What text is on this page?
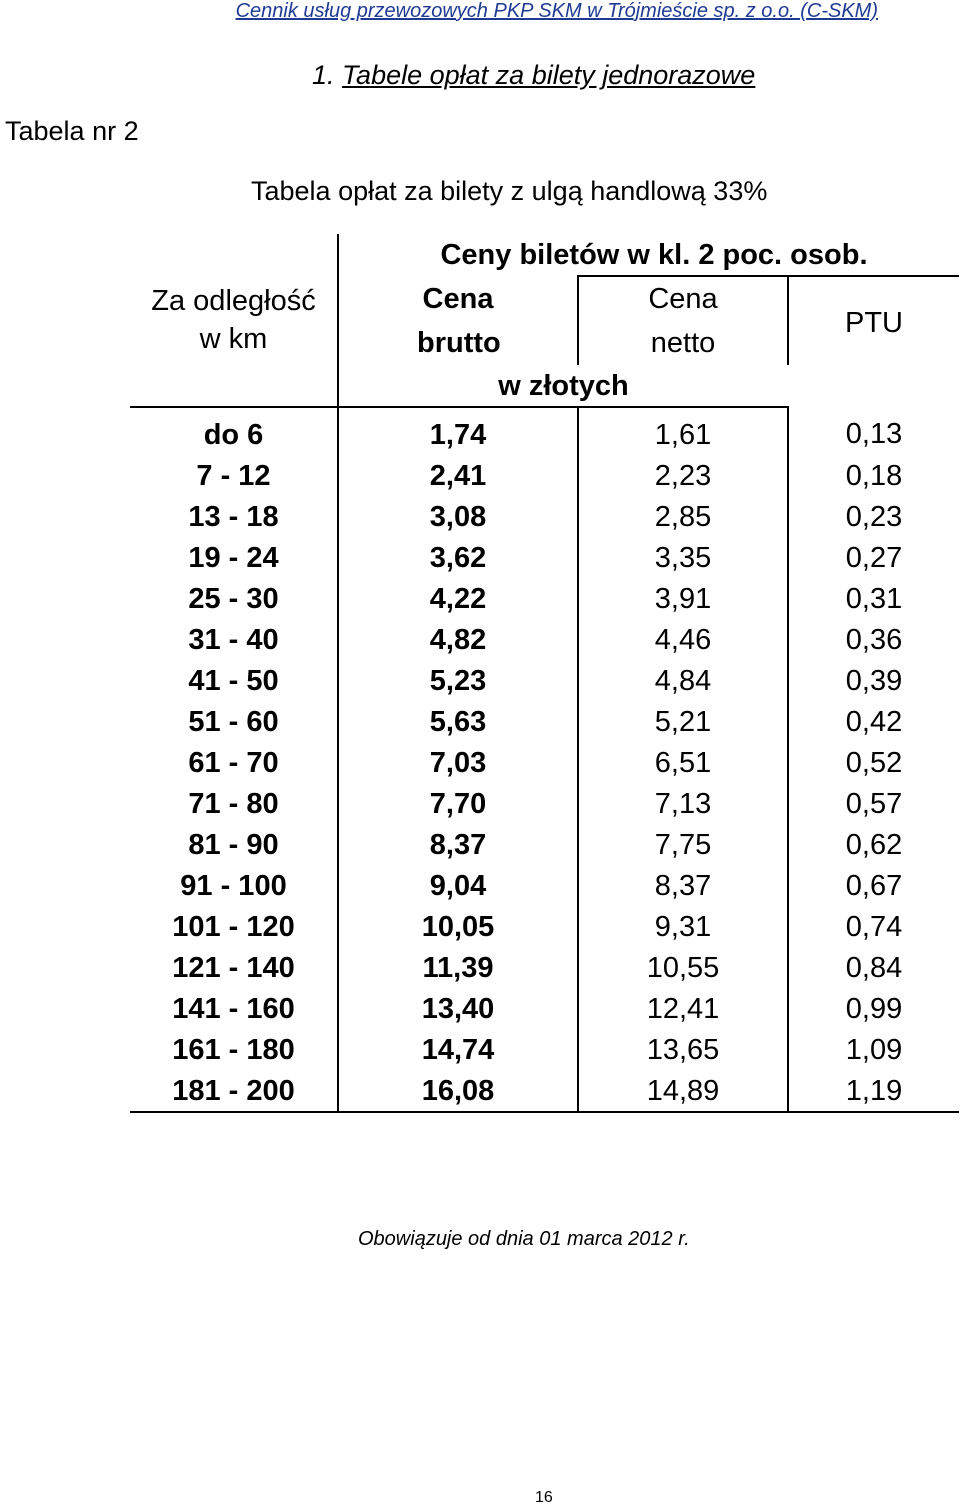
Cennik usług przewozowych PKP SKM w Trójmieście sp. z o.o. (C-SKM)
1. Tabele opłat za bilety jednorazowe
Tabela nr 2
Tabela opłat za bilety z ulgą handlową 33%
Za odległość w km	Ceny biletów w kl. 2 poc. osob.		
	Cena brutto	Cena netto	PTU
	w złotych		
do 6	1,74	1,61	0,13
7 - 12	2,41	2,23	0,18
13 - 18	3,08	2,85	0,23
19 - 24	3,62	3,35	0,27
25 - 30	4,22	3,91	0,31
31 - 40	4,82	4,46	0,36
41 - 50	5,23	4,84	0,39
51 - 60	5,63	5,21	0,42
61 - 70	7,03	6,51	0,52
71 - 80	7,70	7,13	0,57
81 - 90	8,37	7,75	0,62
91 - 100	9,04	8,37	0,67
101 - 120	10,05	9,31	0,74
121 - 140	11,39	10,55	0,84
141 - 160	13,40	12,41	0,99
161 - 180	14,74	13,65	1,09
181 - 200	16,08	14,89	1,19
Obowiązuje od dnia 01 marca 2012 r.
16
